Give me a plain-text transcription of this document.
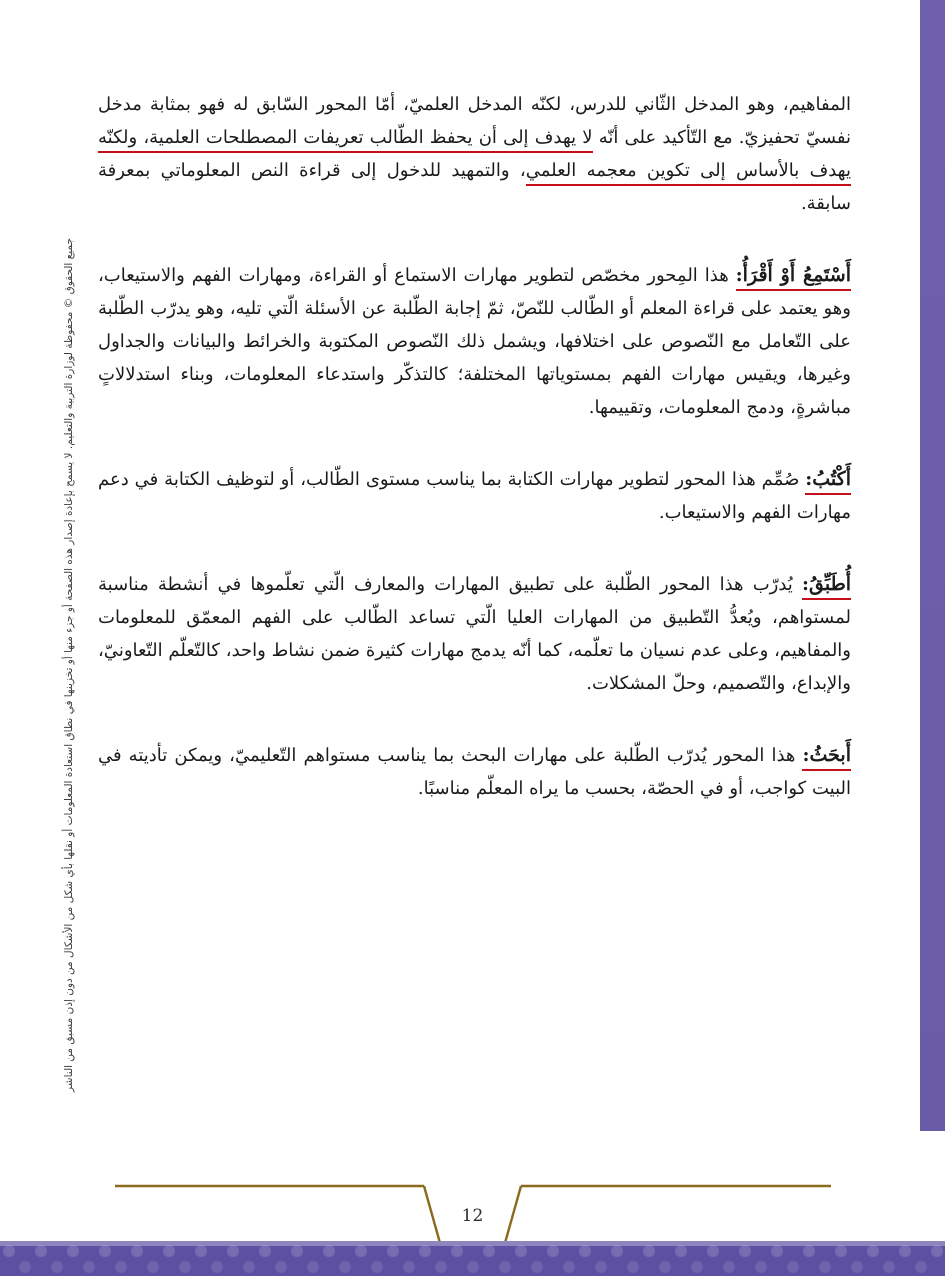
جميع الحقوق © محفوظة لوزارة التربية والتعليم. لا يسمح بإعادة إصدار هذه الصفحة أو جزء منها أو تخزينها في نطاق استعادة المعلومات أو نقلها بأي شكل من الأشكال من دون إذن مسبق من الناشر

المفاهيم، وهو المدخل الثّاني للدرس، لكنّه المدخل العلميّ، أمّا المحور السّابق له فهو بمثابة مدخل نفسيّ تحفيزيّ. مع التّأكيد على أنّه لا يهدف إلى أن يحفظ الطّالب تعريفات المصطلحات العلمية، ولكنّه يهدف بالأساس إلى تكوين معجمه العلمي، والتمهيد للدخول إلى قراءة النص المعلوماتي بمعرفة سابقة.

أَسْتَمِعُ أَوْ أَقْرَأُ: هذا المِحور مخصّص لتطوير مهارات الاستماع أو القراءة، ومهارات الفهم والاستيعاب، وهو يعتمد على قراءة المعلم أو الطّالب للنّصّ، ثمّ إجابة الطّلبة عن الأسئلة الّتي تليه، وهو يدرّب الطّلبة على التّعامل مع النّصوص على اختلافها، ويشمل ذلك النّصوص المكتوبة والخرائط والبيانات والجداول وغيرها، ويقيس مهارات الفهم بمستوياتها المختلفة؛ كالتذكّر واستدعاء المعلومات، وبناء استدلالاتٍ مباشرةٍ، ودمج المعلومات، وتقييمها.

أَكْتُبُ: صُمِّم هذا المحور لتطوير مهارات الكتابة بما يناسب مستوى الطّالب، أو لتوظيف الكتابة في دعم مهارات الفهم والاستيعاب.

أُطَبِّقُ: يُدرّب هذا المحور الطّلبة على تطبيق المهارات والمعارف الّتي تعلّموها في أنشطة مناسبة لمستواهم، ويُعدُّ التّطبيق من المهارات العليا الّتي تساعد الطّالب على الفهم المعمّق للمعلومات والمفاهيم، وعلى عدم نسيان ما تعلّمه، كما أنّه يدمج مهارات كثيرة ضمن نشاط واحد، كالتّعلّم التّعاونيّ، والإبداع، والتّصميم، وحلّ المشكلات.

أَبحَثُ: هذا المحور يُدرّب الطّلبة على مهارات البحث بما يناسب مستواهم التّعليميّ، ويمكن تأديته في البيت كواجب، أو في الحصّة، بحسب ما يراه المعلّم مناسبًا.

12
